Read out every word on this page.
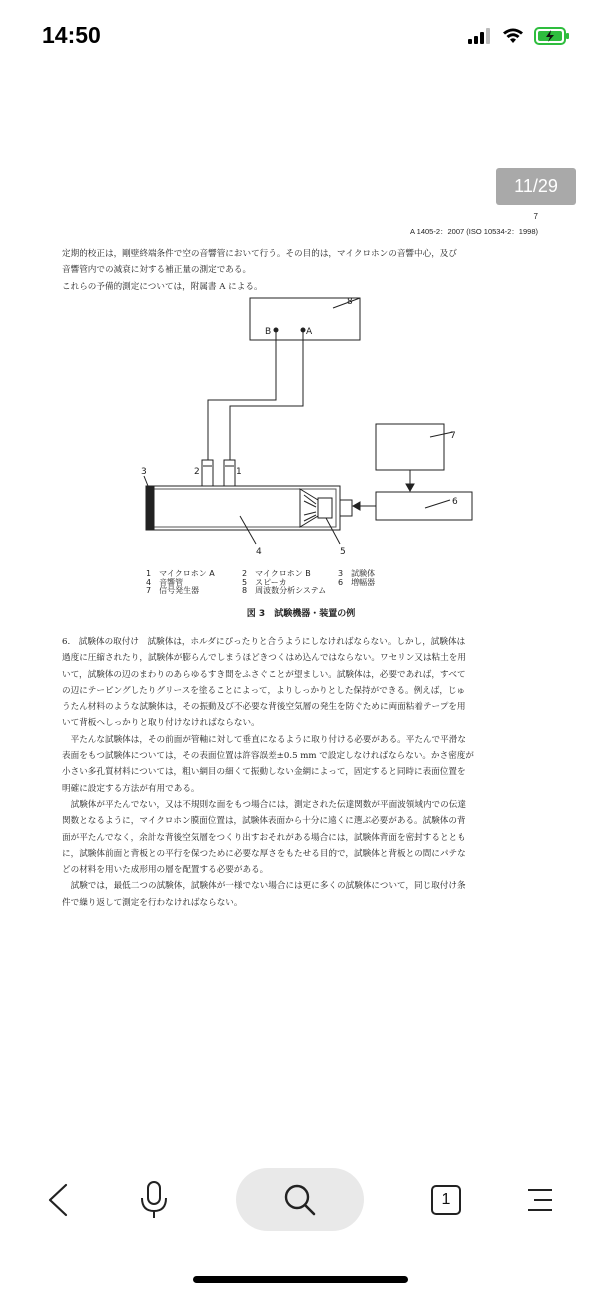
14:50
11/29
7
A 1405-2：2007 (ISO 10534-2：1998)
定期的校正は，剛壁終端条件で空の音響管において行う。その目的は，マイクロホンの音響中心，及び
音響管内での減衰に対する補正量の測定である。
これらの予備的測定については，附属書 A による。
8
7
6
3	2	1
4	5
B	A
1　マイクロホン A	2　マイクロホン B	3　試験体
4　音響管	5　スピーカ	6　増幅器
7　信号発生器	8　周波数分析システム
図 3　試験機器・装置の例
6.　試験体の取付け　試験体は，ホルダにぴったりと合うようにしなければならない。しかし，試験体は
過度に圧縮されたり，試験体が膨らんでしまうほどきつくはめ込んではならない。ワセリン又は粘土を用
いて，試験体の辺のまわりのあらゆるすき間をふさぐことが望ましい。試験体は，必要であれば，すべて
の辺にテーピングしたりグリースを塗ることによって，よりしっかりとした保持ができる。例えば，じゅ
うたん材料のような試験体は，その振動及び不必要な背後空気層の発生を防ぐために両面粘着テープを用
いて背板へしっかりと取り付けなければならない。
　平たんな試験体は，その前面が管軸に対して垂直になるように取り付ける必要がある。平たんで平滑な
表面をもつ試験体については，その表面位置は許容誤差±0.5 mm で設定しなければならない。かさ密度が
小さい多孔質材料については，粗い網目の細くて振動しない金網によって，固定すると同時に表面位置を
明確に設定する方法が有用である。
　試験体が平たんでない，又は不規則な面をもつ場合には，測定された伝達関数が平面波領域内での伝達
関数となるように，マイクロホン膜面位置は，試験体表面から十分に遠くに選ぶ必要がある。試験体の背
面が平たんでなく，余計な背後空気層をつくり出すおそれがある場合には，試験体背面を密封するととも
に，試験体前面と背板との平行を保つために必要な厚さをもたせる目的で，試験体と背板との間にパテな
どの材料を用いた成形用の層を配置する必要がある。
　試験では，最低二つの試験体，試験体が一様でない場合には更に多くの試験体について，同じ取付け条
件で繰り返して測定を行わなければならない。
1
